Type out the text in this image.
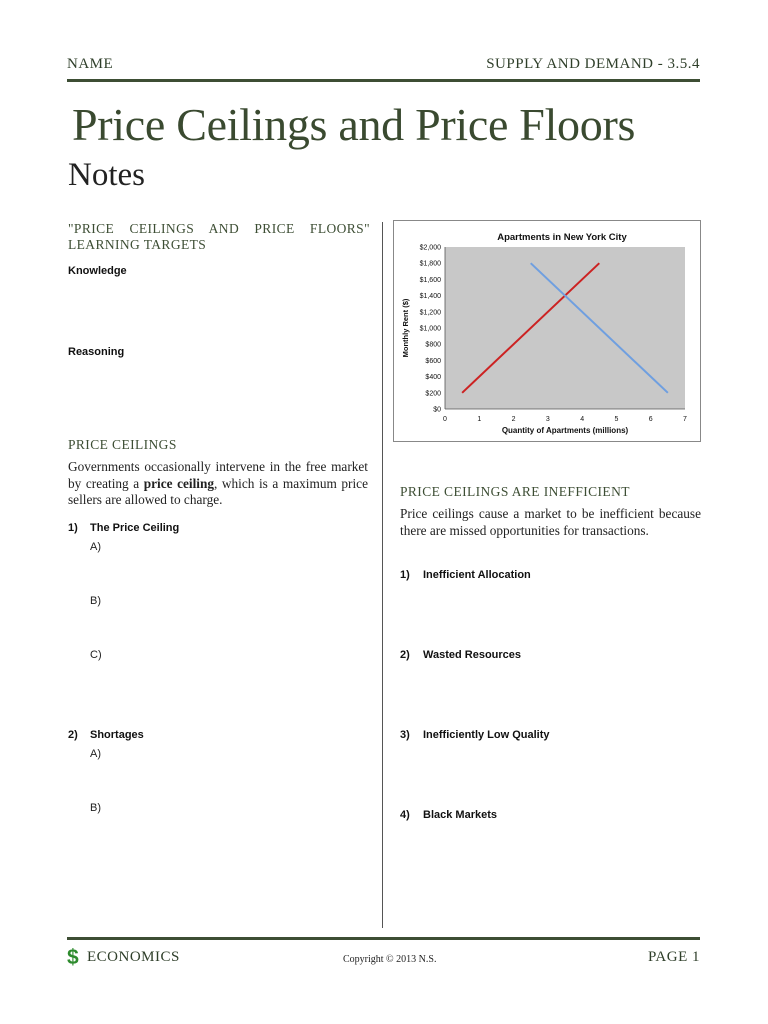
NAME	SUPPLY AND DEMAND - 3.5.4
Price Ceilings and Price Floors
Notes
"PRICE CEILINGS AND PRICE FLOORS" LEARNING TARGETS
Knowledge
Reasoning
PRICE CEILINGS
Governments occasionally intervene in the free market by creating a price ceiling, which is a maximum price sellers are allowed to charge.
1) The Price Ceiling
A)
B)
C)
2) Shortages
A)
B)
Apartments in New York City
$0
$200
$400
$600
$800
$1,000
$1,200
$1,400
$1,600
$1,800
$2,000
0	1	2	3	4	5	6	7
Quantity of Apartments (millions)
Monthly Rent ($)
PRICE CEILINGS ARE INEFFICIENT
Price ceilings cause a market to be inefficient because there are missed opportunities for transactions.
1) Inefficient Allocation
2) Wasted Resources
3) Inefficiently Low Quality
4) Black Markets
$ ECONOMICS	Copyright © 2013 N.S.	PAGE 1
